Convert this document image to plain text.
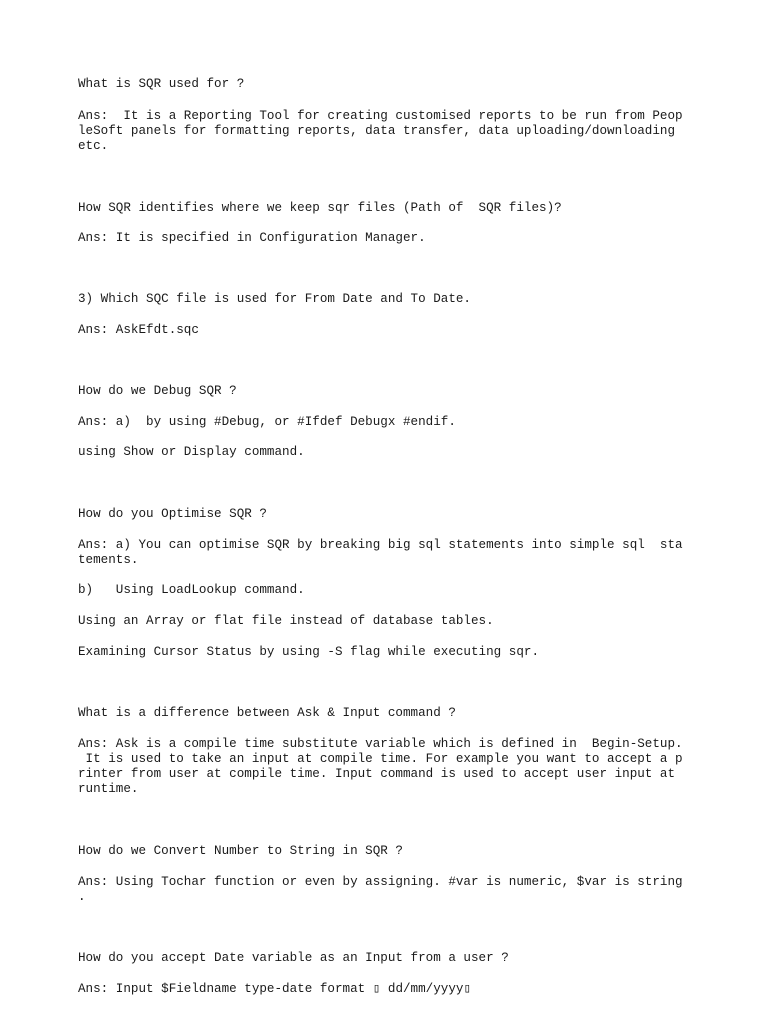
What is SQR used for ?

Ans:  It is a Reporting Tool for creating customised reports to be run from Peop

leSoft panels for formatting reports, data transfer, data uploading/downloading

etc.

How SQR identifies where we keep sqr files (Path of  SQR files)?

Ans: It is specified in Configuration Manager.

3) Which SQC file is used for From Date and To Date.

Ans: AskEfdt.sqc

How do we Debug SQR ?

Ans: a)  by using #Debug, or #Ifdef Debugx #endif.

using Show or Display command.

How do you Optimise SQR ?

Ans: a) You can optimise SQR by breaking big sql statements into simple sql  sta

tements.

b)   Using LoadLookup command.

Using an Array or flat file instead of database tables.

Examining Cursor Status by using -S flag while executing sqr.

What is a difference between Ask & Input command ?

Ans: Ask is a compile time substitute variable which is defined in  Begin-Setup.

It is used to take an input at compile time. For example you want to accept a p

rinter from user at compile time. Input command is used to accept user input at

runtime.

How do we Convert Number to String in SQR ?

Ans: Using Tochar function or even by assigning. #var is numeric, $var is string

.

How do you accept Date variable as an Input from a user ?

Ans: Input $Fieldname type-date format ▯ dd/mm/yyyy▯
